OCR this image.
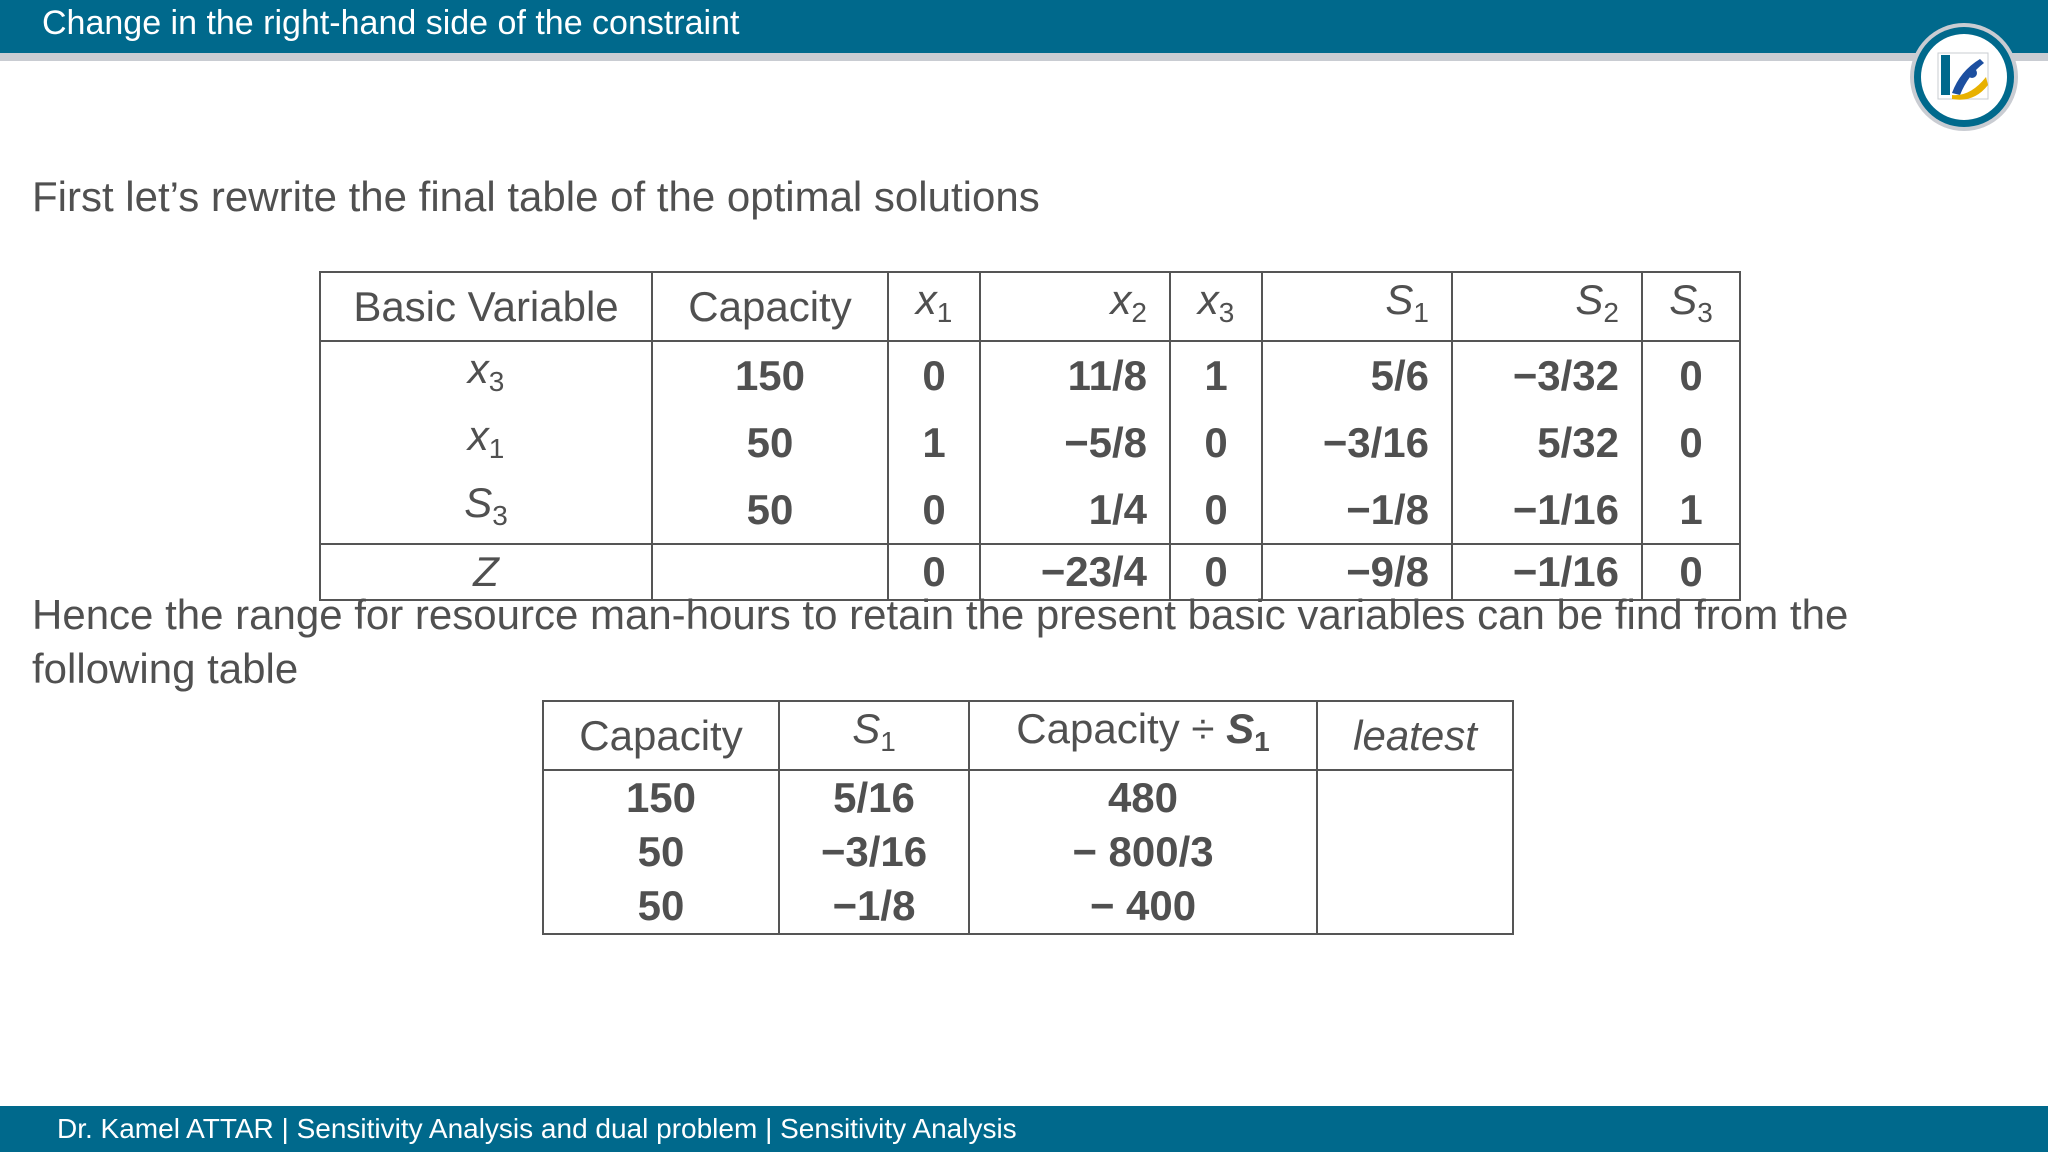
Change in the right-hand side of the constraint
First let’s rewrite the final table of the optimal solutions
Basic Variable	Capacity	$x_1$	$x_2$	$x_3$	$S_1$	$S_2$	$S_3$
$x_3$	150	0	11/8	1	5/6	−3/32	0
$x_1$	50	1	−5/8	0	−3/16	5/32	0
$S_3$	50	0	1/4	0	−1/8	−1/16	1
Z		0	−23/4	0	−9/8	−1/16	0
Hence the range for resource man-hours to retain the present basic variables can be find from the following table
Capacity	$S_1$	Capacity ÷ $S_1$	leatest
150	5/16	480	
50	−3/16	− 800/3	
50	−1/8	− 400	
Dr. Kamel ATTAR | Sensitivity Analysis and dual problem | Sensitivity Analysis
